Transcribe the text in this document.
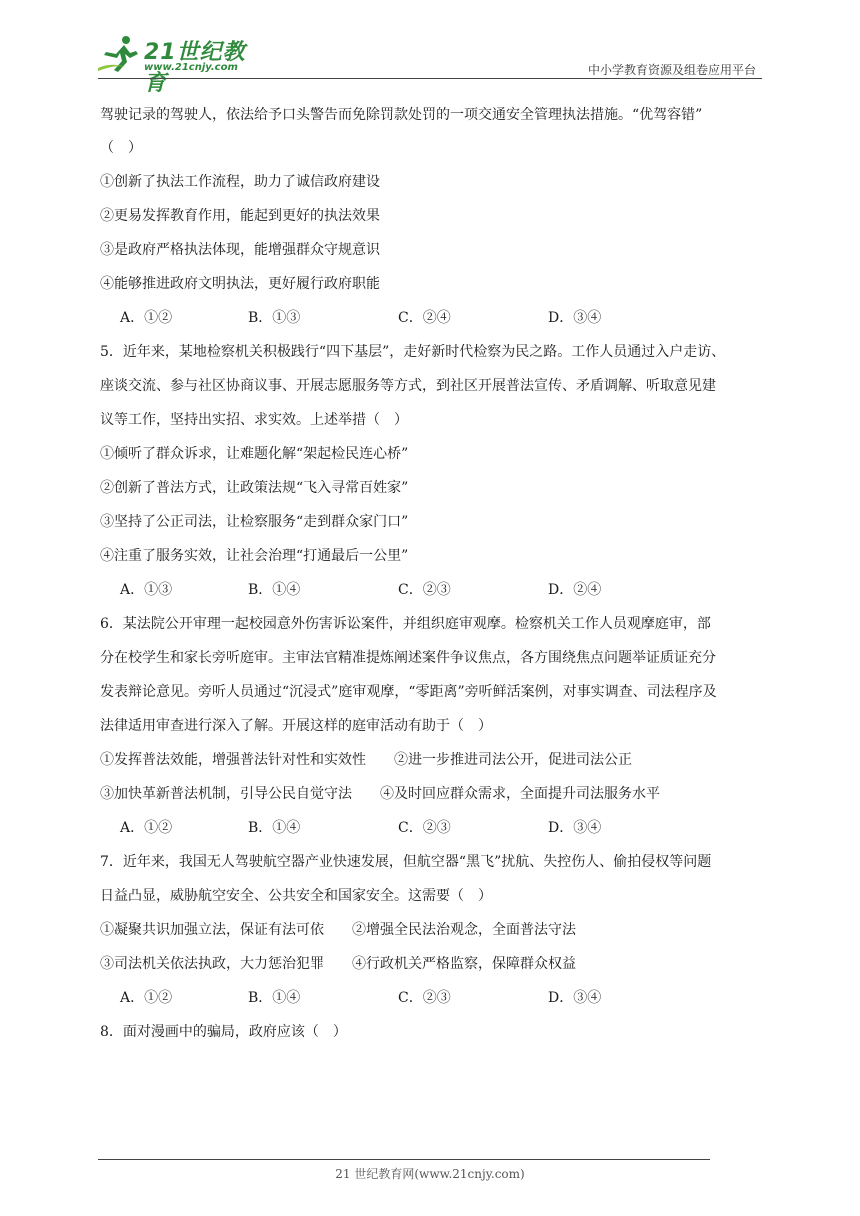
21世纪教育
www.21cnjy.com	中小学教育资源及组卷应用平台
驾驶记录的驾驶人，依法给予口头警告而免除罚款处罚的一项交通安全管理执法措施。“优驾容错”
（　）
①创新了执法工作流程，助力了诚信政府建设
②更易发挥教育作用，能起到更好的执法效果
③是政府严格执法体现，能增强群众守规意识
④能够推进政府文明执法，更好履行政府职能
A．①②	B．①③	C．②④	D．③④
5．近年来，某地检察机关积极践行“四下基层”，走好新时代检察为民之路。工作人员通过入户走访、
座谈交流、参与社区协商议事、开展志愿服务等方式，到社区开展普法宣传、矛盾调解、听取意见建
议等工作，坚持出实招、求实效。上述举措（　）
①倾听了群众诉求，让难题化解“架起检民连心桥”
②创新了普法方式，让政策法规“飞入寻常百姓家”
③坚持了公正司法，让检察服务“走到群众家门口”
④注重了服务实效，让社会治理“打通最后一公里”
A．①③	B．①④	C．②③	D．②④
6．某法院公开审理一起校园意外伤害诉讼案件，并组织庭审观摩。检察机关工作人员观摩庭审，部
分在校学生和家长旁听庭审。主审法官精准提炼阐述案件争议焦点，各方围绕焦点问题举证质证充分
发表辩论意见。旁听人员通过“沉浸式”庭审观摩，“零距离”旁听鲜活案例，对事实调查、司法程序及
法律适用审查进行深入了解。开展这样的庭审活动有助于（　）
①发挥普法效能，增强普法针对性和实效性　　②进一步推进司法公开，促进司法公正
③加快革新普法机制，引导公民自觉守法　　④及时回应群众需求，全面提升司法服务水平
A．①②	B．①④	C．②③	D．③④
7．近年来，我国无人驾驶航空器产业快速发展，但航空器“黑飞”扰航、失控伤人、偷拍侵权等问题
日益凸显，威胁航空安全、公共安全和国家安全。这需要（　）
①凝聚共识加强立法，保证有法可依　　②增强全民法治观念，全面普法守法
③司法机关依法执政，大力惩治犯罪　　④行政机关严格监察，保障群众权益
A．①②	B．①④	C．②③	D．③④
8．面对漫画中的骗局，政府应该（　）
21 世纪教育网(www.21cnjy.com)
